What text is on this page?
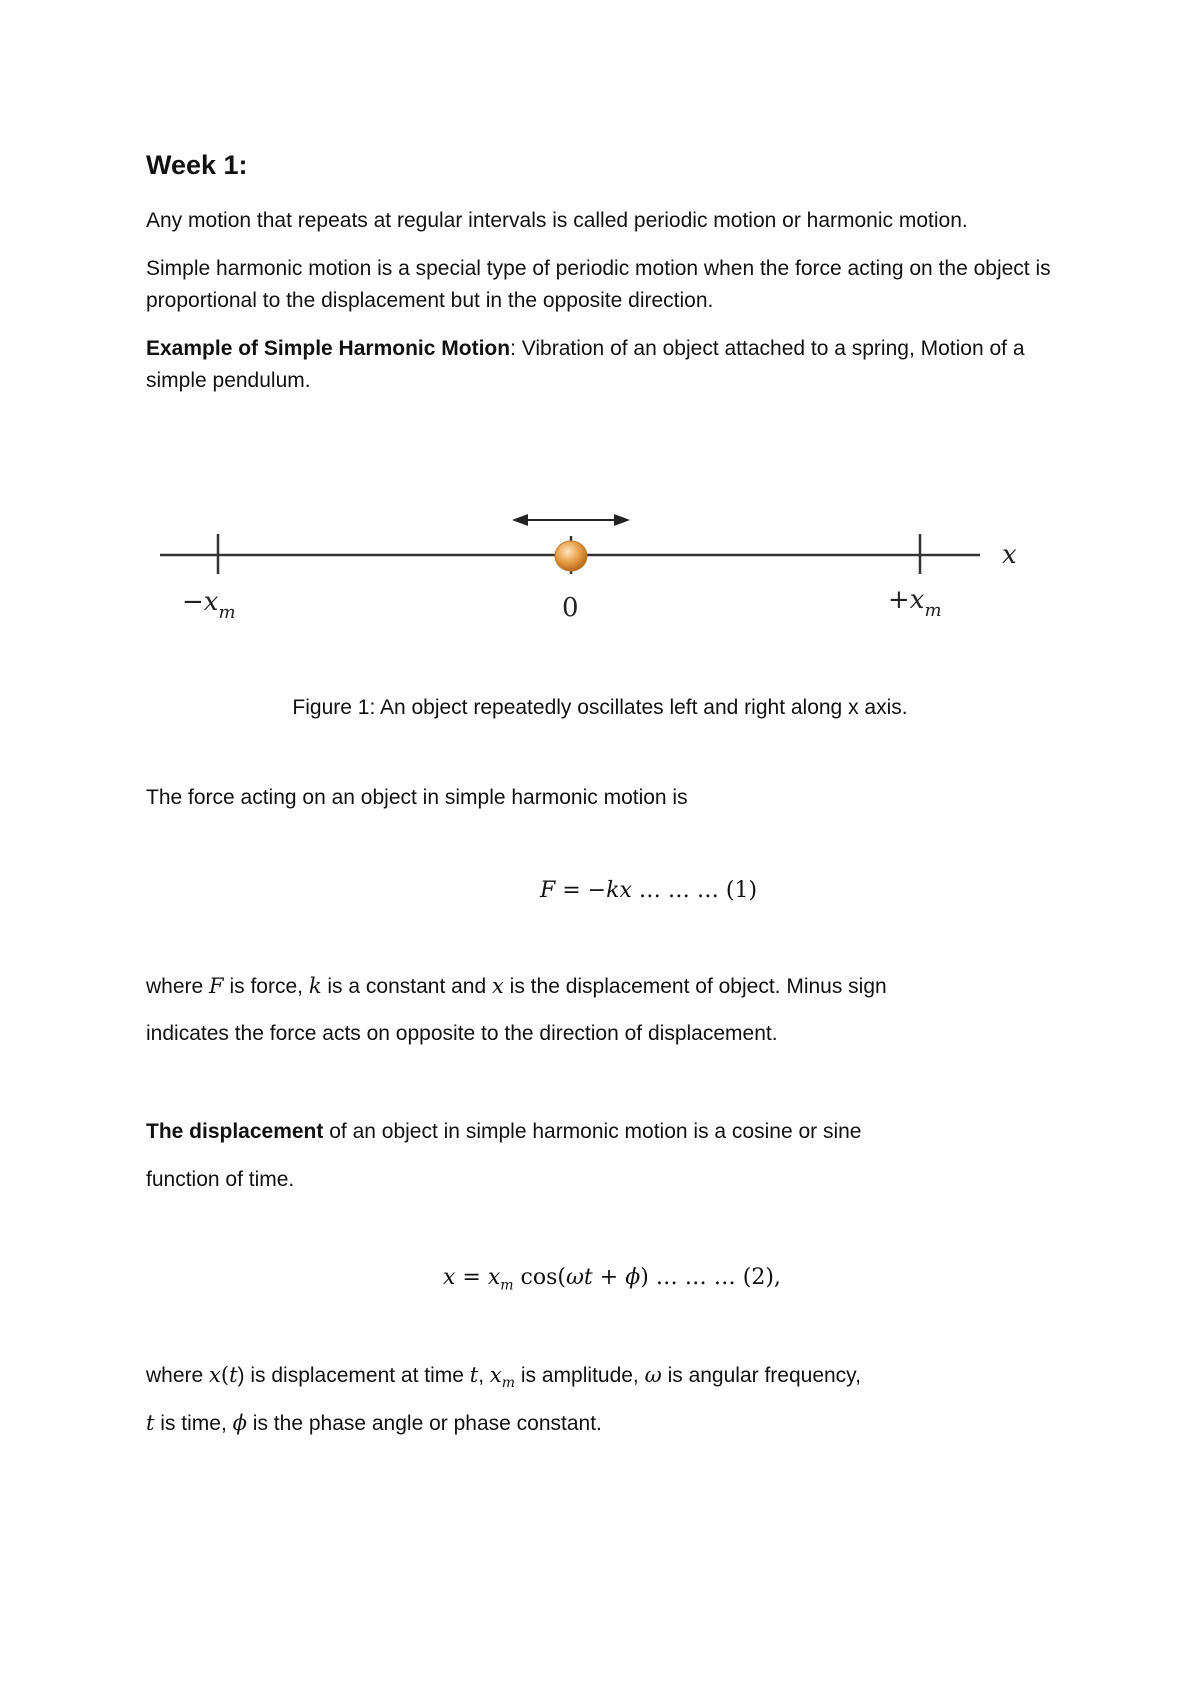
Week 1:

Any motion that repeats at regular intervals is called periodic motion or harmonic motion.

Simple harmonic motion is a special type of periodic motion when the force acting on the object is proportional to the displacement but in the opposite direction.

Example of Simple Harmonic Motion: Vibration of an object attached to a spring, Motion of a simple pendulum.

$-x_m$	0	$+x_m$
x

Figure 1: An object repeatedly oscillates left and right along x axis.

The force acting on an object in simple harmonic motion is

F = −kx … … … (1)

where F is force, k is a constant and x is the displacement of object. Minus sign

indicates the force acts on opposite to the direction of displacement.

The displacement of an object in simple harmonic motion is a cosine or sine

function of time.

$x = x_m$ cos(ωt + ϕ) … … … (2),

where x(t) is displacement at time t, $x_m$ is amplitude, ω is angular frequency,

t is time, ϕ is the phase angle or phase constant.
